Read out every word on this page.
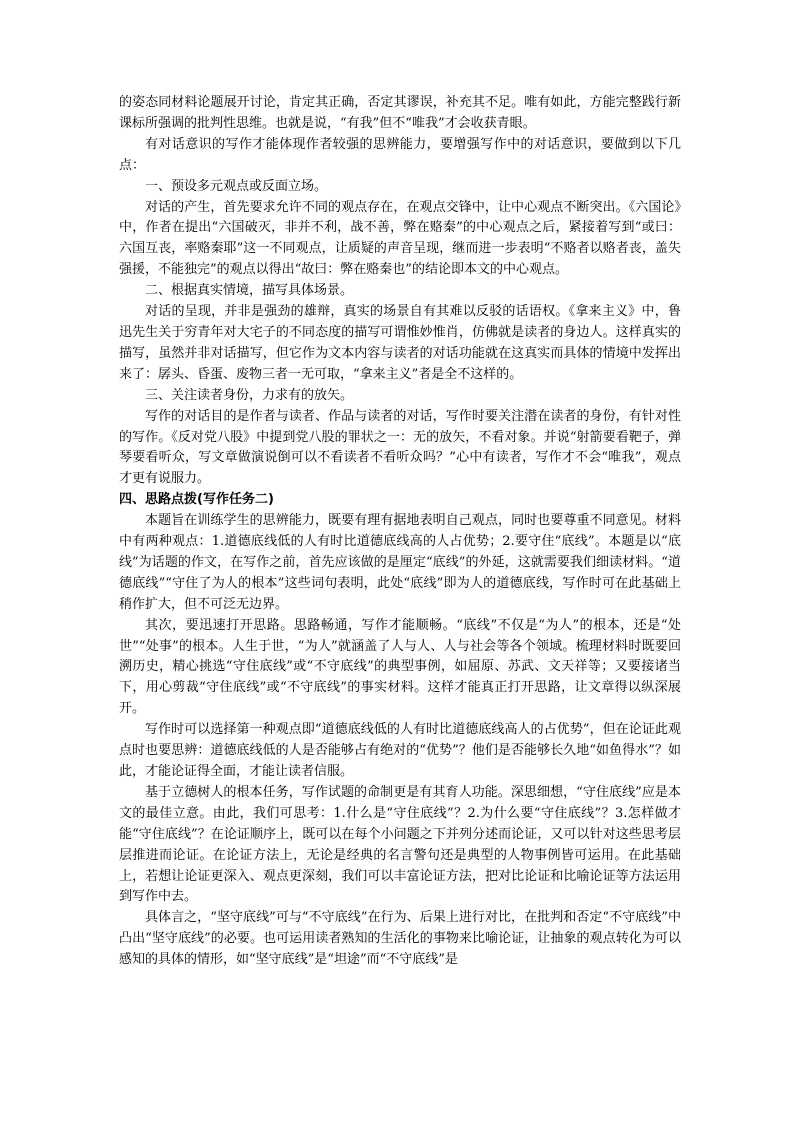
的姿态同材料论题展开讨论，肯定其正确，否定其谬误，补充其不足。唯有如此，方能完整践行新课标所强调的批判性思维。也就是说，“有我”但不“唯我”才会收获青眼。

有对话意识的写作才能体现作者较强的思辨能力，要增强写作中的对话意识，要做到以下几点：

一、预设多元观点或反面立场。

对话的产生，首先要求允许不同的观点存在，在观点交锋中，让中心观点不断突出。《六国论》中，作者在提出“六国破灭，非并不利，战不善，弊在赂秦”的中心观点之后，紧接着写到“或曰：六国互丧，率赂秦耶”这一不同观点，让质疑的声音呈现，继而进一步表明“不赂者以赂者丧，盖失强援，不能独完”的观点以得出“故曰：弊在赂秦也”的结论即本文的中心观点。

二、根据真实情境，描写具体场景。

对话的呈现，并非是强劲的雄辩，真实的场景自有其难以反驳的话语权。《拿来主义》中，鲁迅先生关于穷青年对大宅子的不同态度的描写可谓惟妙惟肖，仿佛就是读者的身边人。这样真实的描写，虽然并非对话描写，但它作为文本内容与读者的对话功能就在这真实而具体的情境中发挥出来了：孱头、昏蛋、废物三者一无可取，“拿来主义”者是全不这样的。

三、关注读者身份，力求有的放矢。

写作的对话目的是作者与读者、作品与读者的对话，写作时要关注潜在读者的身份，有针对性的写作。《反对党八股》中提到党八股的罪状之一：无的放矢，不看对象。并说“射箭要看靶子，弹琴要看听众，写文章做演说倒可以不看读者不看听众吗？”心中有读者，写作才不会“唯我”，观点才更有说服力。

四、思路点拨(写作任务二)

本题旨在训练学生的思辨能力，既要有理有据地表明自己观点，同时也要尊重不同意见。材料中有两种观点：1.道德底线低的人有时比道德底线高的人占优势；2.要守住“底线”。本题是以“底线”为话题的作文，在写作之前，首先应该做的是厘定“底线”的外延，这就需要我们细读材料。“道德底线”“守住了为人的根本”这些词句表明，此处“底线”即为人的道德底线，写作时可在此基础上稍作扩大，但不可泛无边界。

其次，要迅速打开思路。思路畅通，写作才能顺畅。“底线”不仅是“为人”的根本，还是“处世”“处事”的根本。人生于世，“为人”就涵盖了人与人、人与社会等各个领域。梳理材料时既要回溯历史，精心挑选“守住底线”或“不守底线”的典型事例，如屈原、苏武、文天祥等；又要接诸当下，用心剪裁“守住底线”或“不守底线”的事实材料。这样才能真正打开思路，让文章得以纵深展开。

写作时可以选择第一种观点即“道德底线低的人有时比道德底线高人的占优势”，但在论证此观点时也要思辨：道德底线低的人是否能够占有绝对的“优势”？他们是否能够长久地“如鱼得水”？如此，才能论证得全面，才能让读者信服。

基于立德树人的根本任务，写作试题的命制更是有其育人功能。深思细想，“守住底线”应是本文的最佳立意。由此，我们可思考：1.什么是“守住底线”？2.为什么要“守住底线”？3.怎样做才能“守住底线”？在论证顺序上，既可以在每个小问题之下并列分述而论证，又可以针对这些思考层层推进而论证。在论证方法上，无论是经典的名言警句还是典型的人物事例皆可运用。在此基础上，若想让论证更深入、观点更深刻，我们可以丰富论证方法，把对比论证和比喻论证等方法运用到写作中去。

具体言之，“坚守底线”可与“不守底线”在行为、后果上进行对比，在批判和否定“不守底线”中凸出“坚守底线”的必要。也可运用读者熟知的生活化的事物来比喻论证，让抽象的观点转化为可以感知的具体的情形，如“坚守底线”是“坦途”而“不守底线”是
